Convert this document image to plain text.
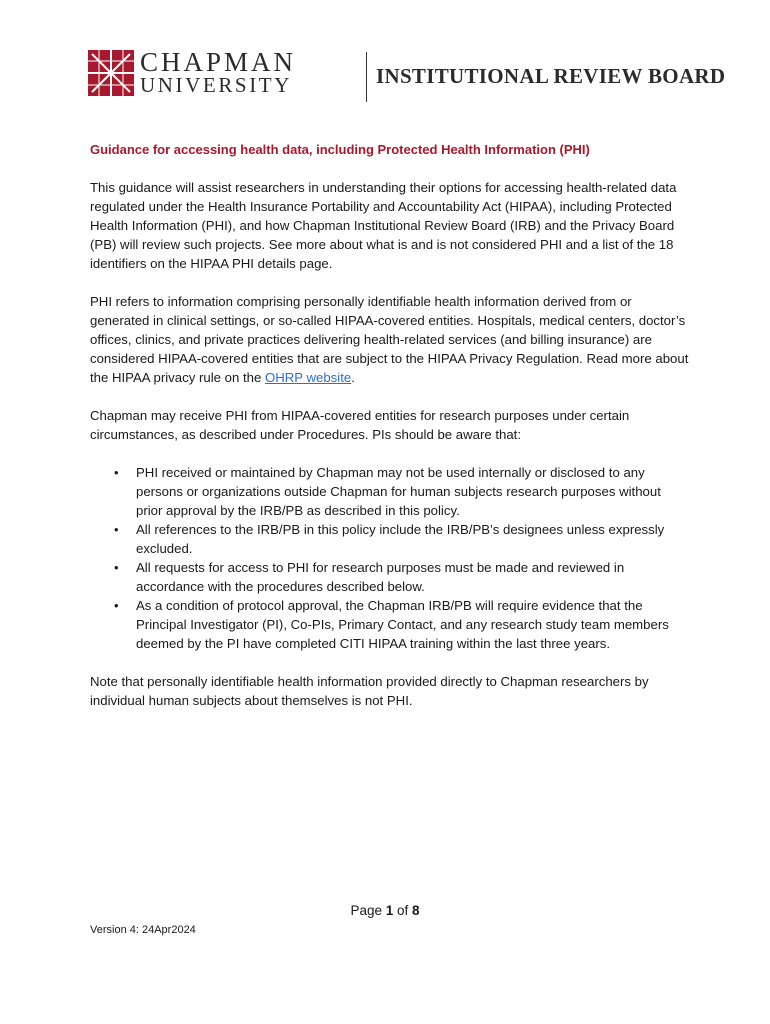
CHAPMAN
UNIVERSITY	INSTITUTIONAL REVIEW BOARD
Guidance for accessing health data, including Protected Health Information (PHI)

This guidance will assist researchers in understanding their options for accessing health-related data regulated under the Health Insurance Portability and Accountability Act (HIPAA), including Protected Health Information (PHI), and how Chapman Institutional Review Board (IRB) and the Privacy Board (PB) will review such projects. See more about what is and is not considered PHI and a list of the 18 identifiers on the HIPAA PHI details page.

PHI refers to information comprising personally identifiable health information derived from or generated in clinical settings, or so-called HIPAA-covered entities. Hospitals, medical centers, doctor’s offices, clinics, and private practices delivering health-related services (and billing insurance) are considered HIPAA-covered entities that are subject to the HIPAA Privacy Regulation. Read more about the HIPAA privacy rule on the OHRP website.

Chapman may receive PHI from HIPAA-covered entities for research purposes under certain circumstances, as described under Procedures. PIs should be aware that:

• PHI received or maintained by Chapman may not be used internally or disclosed to any persons or organizations outside Chapman for human subjects research purposes without prior approval by the IRB/PB as described in this policy.
• All references to the IRB/PB in this policy include the IRB/PB’s designees unless expressly excluded.
• All requests for access to PHI for research purposes must be made and reviewed in accordance with the procedures described below.
• As a condition of protocol approval, the Chapman IRB/PB will require evidence that the Principal Investigator (PI), Co-PIs, Primary Contact, and any research study team members deemed by the PI have completed CITI HIPAA training within the last three years.

Note that personally identifiable health information provided directly to Chapman researchers by individual human subjects about themselves is not PHI.

Page 1 of 8
Version 4: 24Apr2024
